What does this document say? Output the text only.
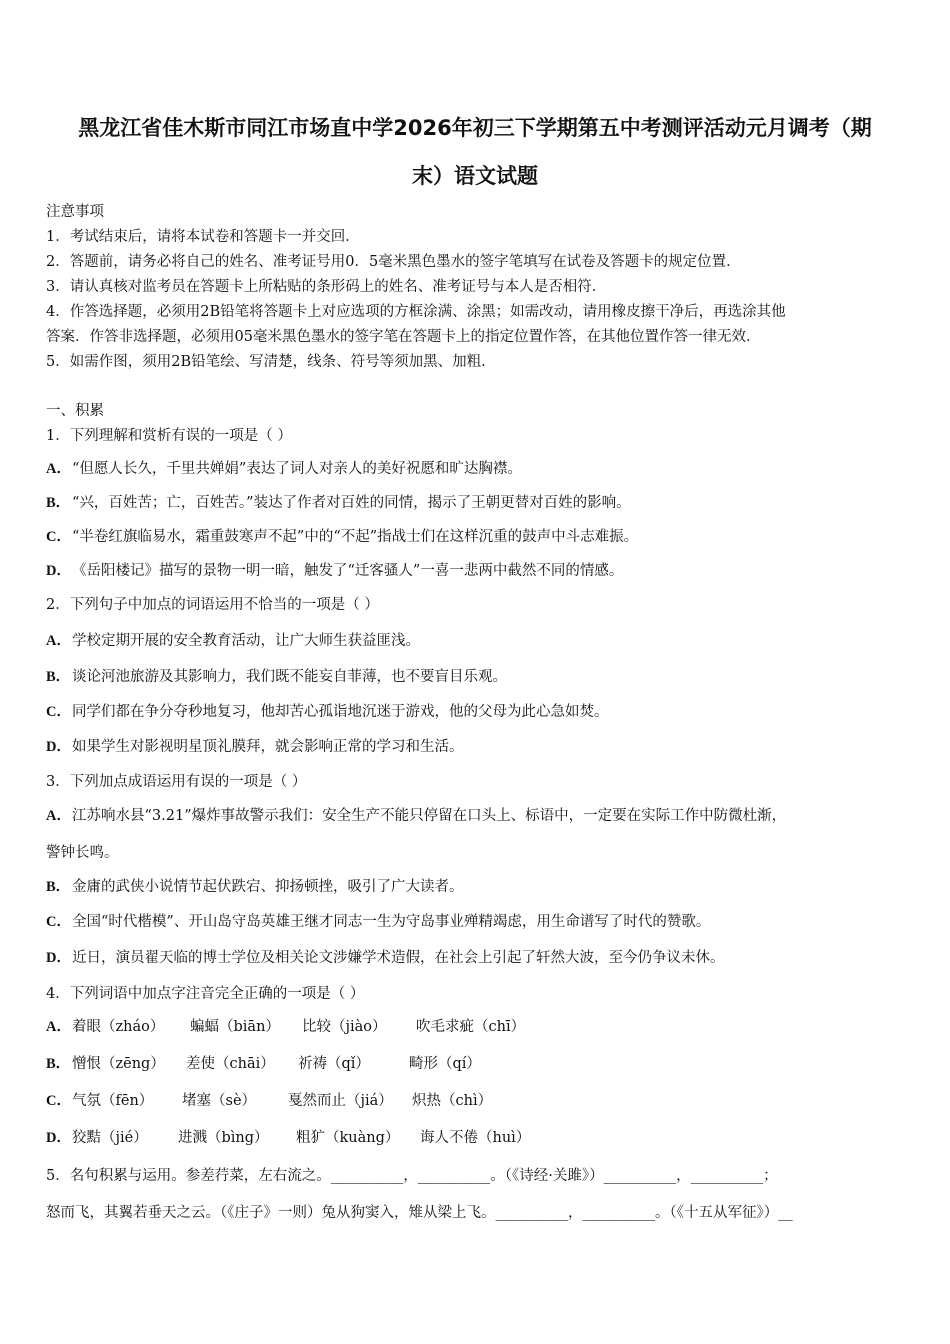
黑龙江省佳木斯市同江市场直中学2026年初三下学期第五中考测评活动元月调考（期
末）语文试题
注意事项
1．考试结束后，请将本试卷和答题卡一并交回．
2．答题前，请务必将自己的姓名、准考证号用0．5毫米黑色墨水的签字笔填写在试卷及答题卡的规定位置．
3．请认真核对监考员在答题卡上所粘贴的条形码上的姓名、准考证号与本人是否相符．
4．作答选择题，必须用2B铅笔将答题卡上对应选项的方框涂满、涂黑；如需改动，请用橡皮擦干净后，再选涂其他
答案．作答非选择题，必须用05毫米黑色墨水的签字笔在答题卡上的指定位置作答，在其他位置作答一律无效．
5．如需作图，须用2B铅笔绘、写清楚，线条、符号等须加黑、加粗．
一、积累
1．下列理解和赏析有误的一项是（ ）
A．“但愿人长久，千里共婵娟”表达了词人对亲人的美好祝愿和旷达胸襟。
B． “兴，百姓苦；亡，百姓苦。”装达了作者对百姓的同情，揭示了王朝更替对百姓的影响。
C．“半卷红旗临易水，霜重鼓寒声不起”中的“不起”指战士们在这样沉重的鼓声中斗志难振。
D．《岳阳楼记》描写的景物一明一暗，触发了“迁客骚人”一喜一悲两中截然不同的情感。
2．下列句子中加点的词语运用不恰当的一项是（ ）
A．学校定期开展的安全教育活动，让广大师生获益匪浅。
B． 谈论河池旅游及其影响力，我们既不能妄自菲薄，也不要盲目乐观。
C．同学们都在争分夺秒地复习，他却苦心孤诣地沉迷于游戏，他的父母为此心急如焚。
D．如果学生对影视明星顶礼膜拜，就会影响正常的学习和生活。
3．下列加点成语运用有误的一项是（ ）
A．江苏响水县“3.21”爆炸事故警示我们：安全生产不能只停留在口头上、标语中，一定要在实际工作中防微杜渐，
警钟长鸣。
B． 金庸的武侠小说情节起伏跌宕、抑扬顿挫，吸引了广大读者。
C．全国“时代楷模”、开山岛守岛英雄王继才同志一生为守岛事业殚精竭虑，用生命谱写了时代的赞歌。
D．近日，演员翟天临的博士学位及相关论文涉嫌学术造假，在社会上引起了轩然大波，至今仍争议未休。
4．下列词语中加点字注音完全正确的一项是（ ）
A．着眼（zháo） 蝙蝠（biān） 比较（jiào） 吹毛求疵（chī）
B． 憎恨（zēng） 差使（chāi） 祈祷（qǐ）	畸形（qí）
C．气氛（fēn） 堵塞（sè） 戛然而止（jiá） 炽热（chì）
D．狡黠（jié） 进溅（bìng） 粗犷（kuàng） 诲人不倦（huì）
5．名句积累与运用。参差荇菜，左右流之。__________，__________。（《诗经·关雎》）__________，__________；
怒而飞，其翼若垂天之云。（《庄子》一则）兔从狗窦入，雉从梁上飞。__________，__________。（《十五从军征》）__
